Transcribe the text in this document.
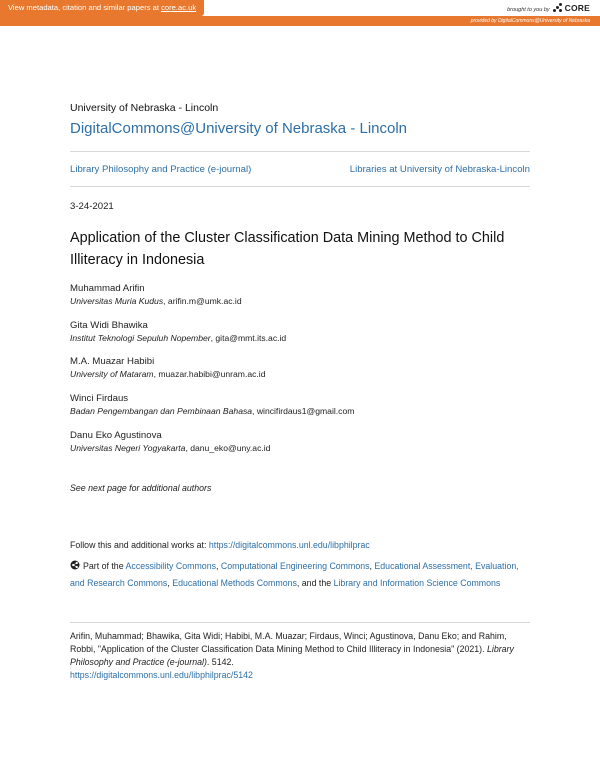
View metadata, citation and similar papers at core.ac.uk	brought to you by CORE
provided by DigitalCommons@University of Nebraska
University of Nebraska - Lincoln
DigitalCommons@University of Nebraska - Lincoln
Library Philosophy and Practice (e-journal)	Libraries at University of Nebraska-Lincoln
3-24-2021
Application of the Cluster Classification Data Mining Method to Child Illiteracy in Indonesia
Muhammad Arifin
Universitas Muria Kudus, arifin.m@umk.ac.id
Gita Widi Bhawika
Institut Teknologi Sepuluh Nopember, gita@mmt.its.ac.id
M.A. Muazar Habibi
University of Mataram, muazar.habibi@unram.ac.id
Winci Firdaus
Badan Pengembangan dan Pembinaan Bahasa, wincifirdaus1@gmail.com
Danu Eko Agustinova
Universitas Negeri Yogyakarta, danu_eko@uny.ac.id
See next page for additional authors
Follow this and additional works at: https://digitalcommons.unl.edu/libphilprac
Part of the Accessibility Commons, Computational Engineering Commons, Educational Assessment, Evaluation, and Research Commons, Educational Methods Commons, and the Library and Information Science Commons
Arifin, Muhammad; Bhawika, Gita Widi; Habibi, M.A. Muazar; Firdaus, Winci; Agustinova, Danu Eko; and Rahim, Robbi, "Application of the Cluster Classification Data Mining Method to Child Illiteracy in Indonesia" (2021). Library Philosophy and Practice (e-journal). 5142.
https://digitalcommons.unl.edu/libphilprac/5142
